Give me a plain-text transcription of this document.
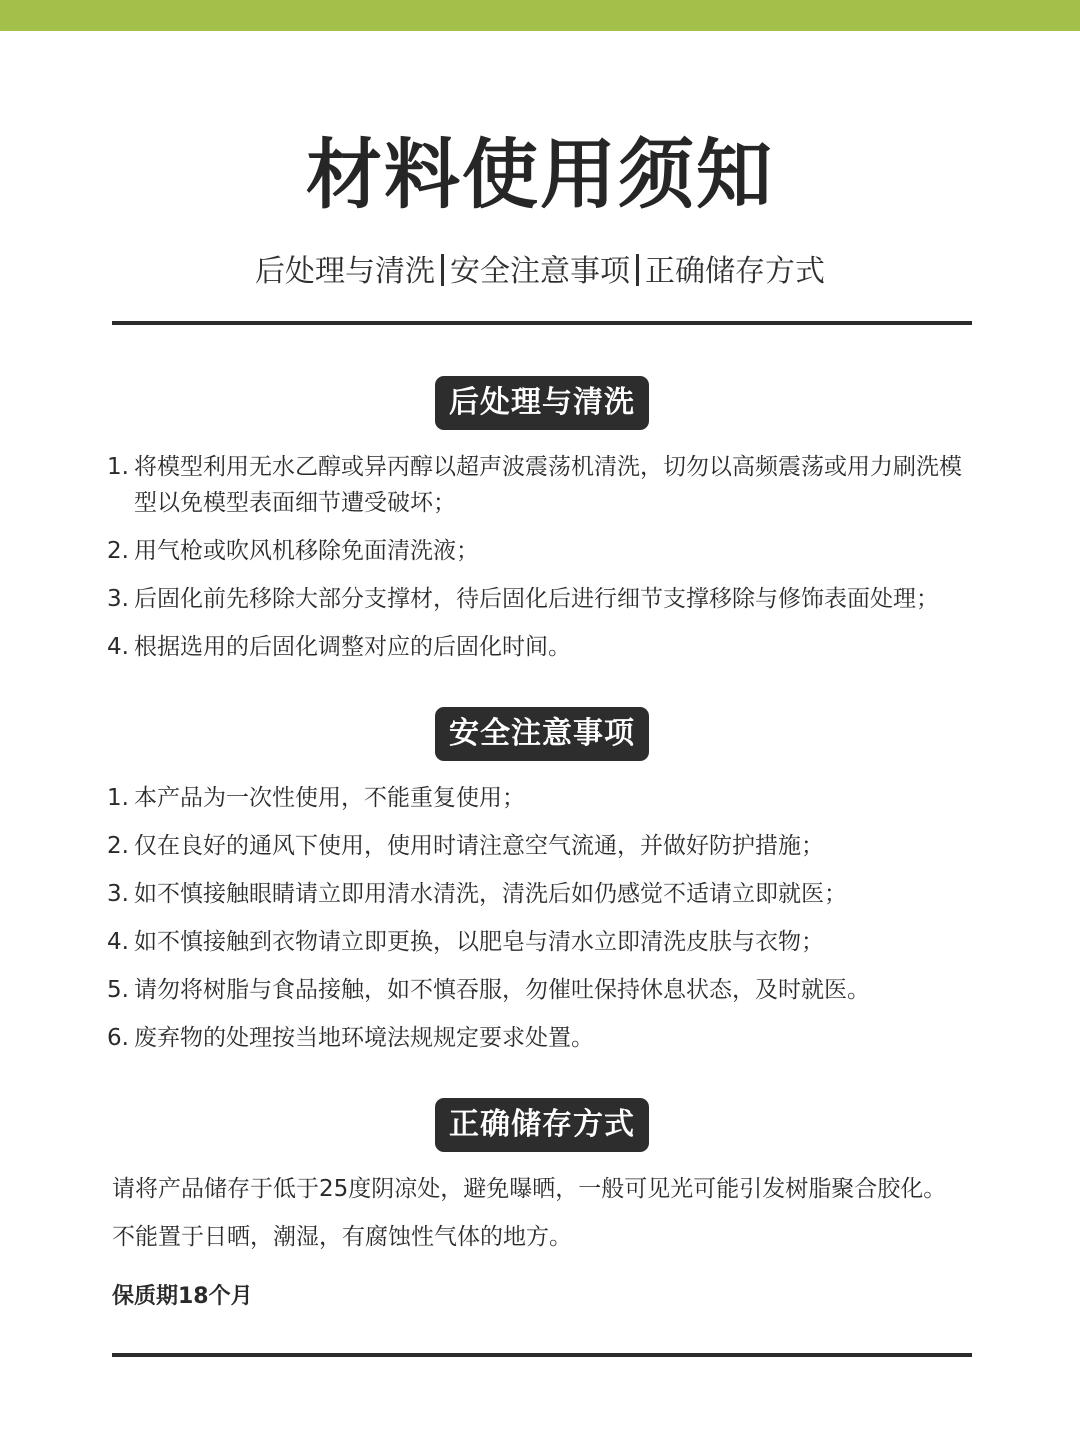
材料使用须知
后处理与清洗 安全注意事项 正确储存方式
后处理与清洗
1. 将模型利用无水乙醇或异丙醇以超声波震荡机清洗，切勿以高频震荡或用力刷洗模型以免模型表面细节遭受破坏；
2. 用气枪或吹风机移除免面清洗液；
3. 后固化前先移除大部分支撑材，待后固化后进行细节支撑移除与修饰表面处理；
4. 根据选用的后固化调整对应的后固化时间。
安全注意事项
1. 本产品为一次性使用，不能重复使用；
2. 仅在良好的通风下使用，使用时请注意空气流通，并做好防护措施；
3. 如不慎接触眼睛请立即用清水清洗，清洗后如仍感觉不适请立即就医；
4. 如不慎接触到衣物请立即更换，以肥皂与清水立即清洗皮肤与衣物；
5. 请勿将树脂与食品接触，如不慎吞服，勿催吐保持休息状态，及时就医。
6. 废弃物的处理按当地环境法规规定要求处置。
正确储存方式
请将产品储存于低于25度阴凉处，避免曝晒，一般可见光可能引发树脂聚合胶化。
不能置于日晒，潮湿，有腐蚀性气体的地方。
保质期18个月
